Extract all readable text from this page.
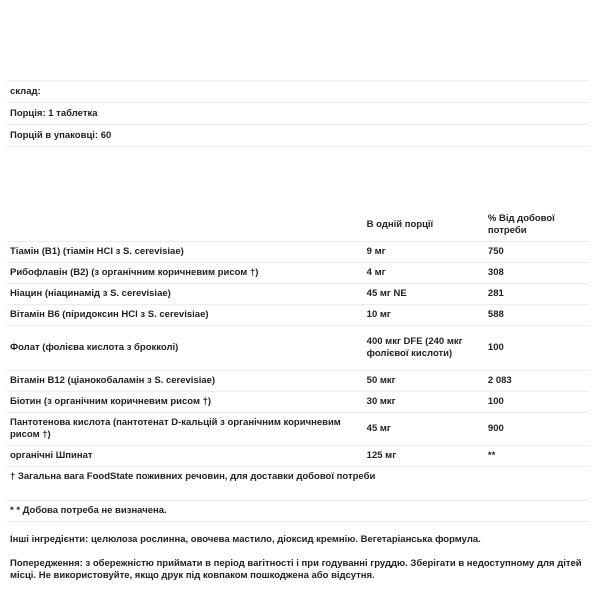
склад:
Порція: 1 таблетка
Порцій в упаковці: 60

	В одній порції	% Від добової потреби
Тіамін (B1) (тіамін HCl з S. cerevisiae)	9 мг	750
Рибофлавін (B2) (з органічним коричневим рисом †)	4 мг	308
Ніацин (ніацинамід з S. cerevisiae)	45 мг NE	281
Вітамін B6 (піридоксин HCl з S. cerevisiae)	10 мг	588
Фолат (фолієва кислота з брокколі)	400 мкг DFE (240 мкг фолієвої кислоти)	100
Вітамін B12 (ціанокобаламін з S. cerevisiae)	50 мкг	2 083
Біотин (з органічним коричневим рисом †)	30 мкг	100
Пантотенова кислота (пантотенат D-кальцій з органічним коричневим рисом †)	45 мг	900
органічні Шпинат	125 мг	**
† Загальна вага FoodState поживних речовин, для доставки добової потреби
* * Добова потреба не визначена.
Інші інгредієнти: целюлоза рослинна, овочева мастило, діоксид кремнію. Вегетаріанська формула.
Попередження: з обережністю приймати в період вагітності і при годуванні груддю. Зберігати в недоступному для дітей місці. Не використовуйте, якщо друк під ковпаком пошкоджена або відсутня.
